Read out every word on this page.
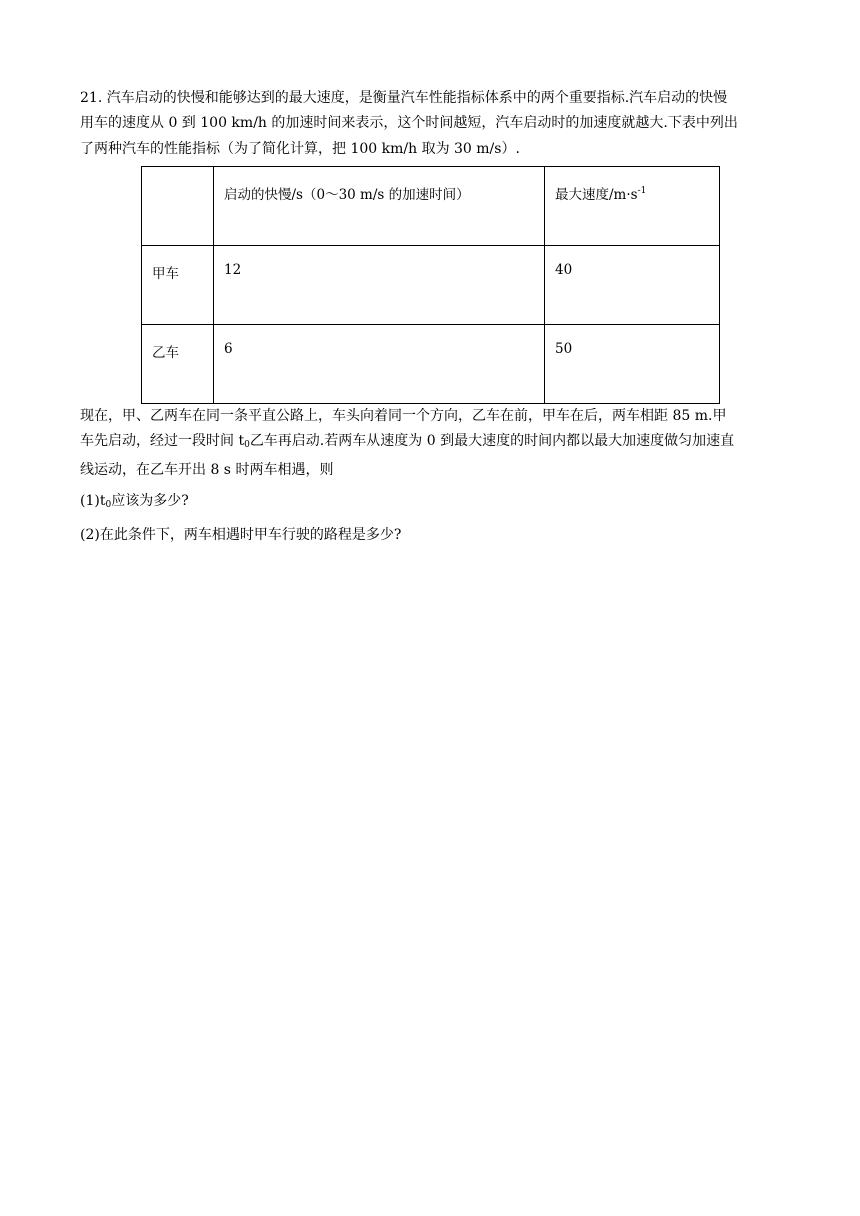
21. 汽车启动的快慢和能够达到的最大速度，是衡量汽车性能指标体系中的两个重要指标.汽车启动的快慢
用车的速度从 0 到 100 km/h 的加速时间来表示，这个时间越短，汽车启动时的加速度就越大.下表中列出
了两种汽车的性能指标（为了简化计算，把 100 km/h 取为 30 m/s）.

	启动的快慢/s（0～30 m/s 的加速时间）	最大速度$/m\cdot s^{-1}$
甲车	12	40
乙车	6	50

现在，甲、乙两车在同一条平直公路上，车头向着同一个方向，乙车在前，甲车在后，两车相距 85 m.甲
车先启动，经过一段时间 $t_0$乙车再启动.若两车从速度为 0 到最大速度的时间内都以最大加速度做匀加速直
线运动，在乙车开出 8 s 时两车相遇，则

$(1)t_0$应该为多少?

(2)在此条件下，两车相遇时甲车行驶的路程是多少?
